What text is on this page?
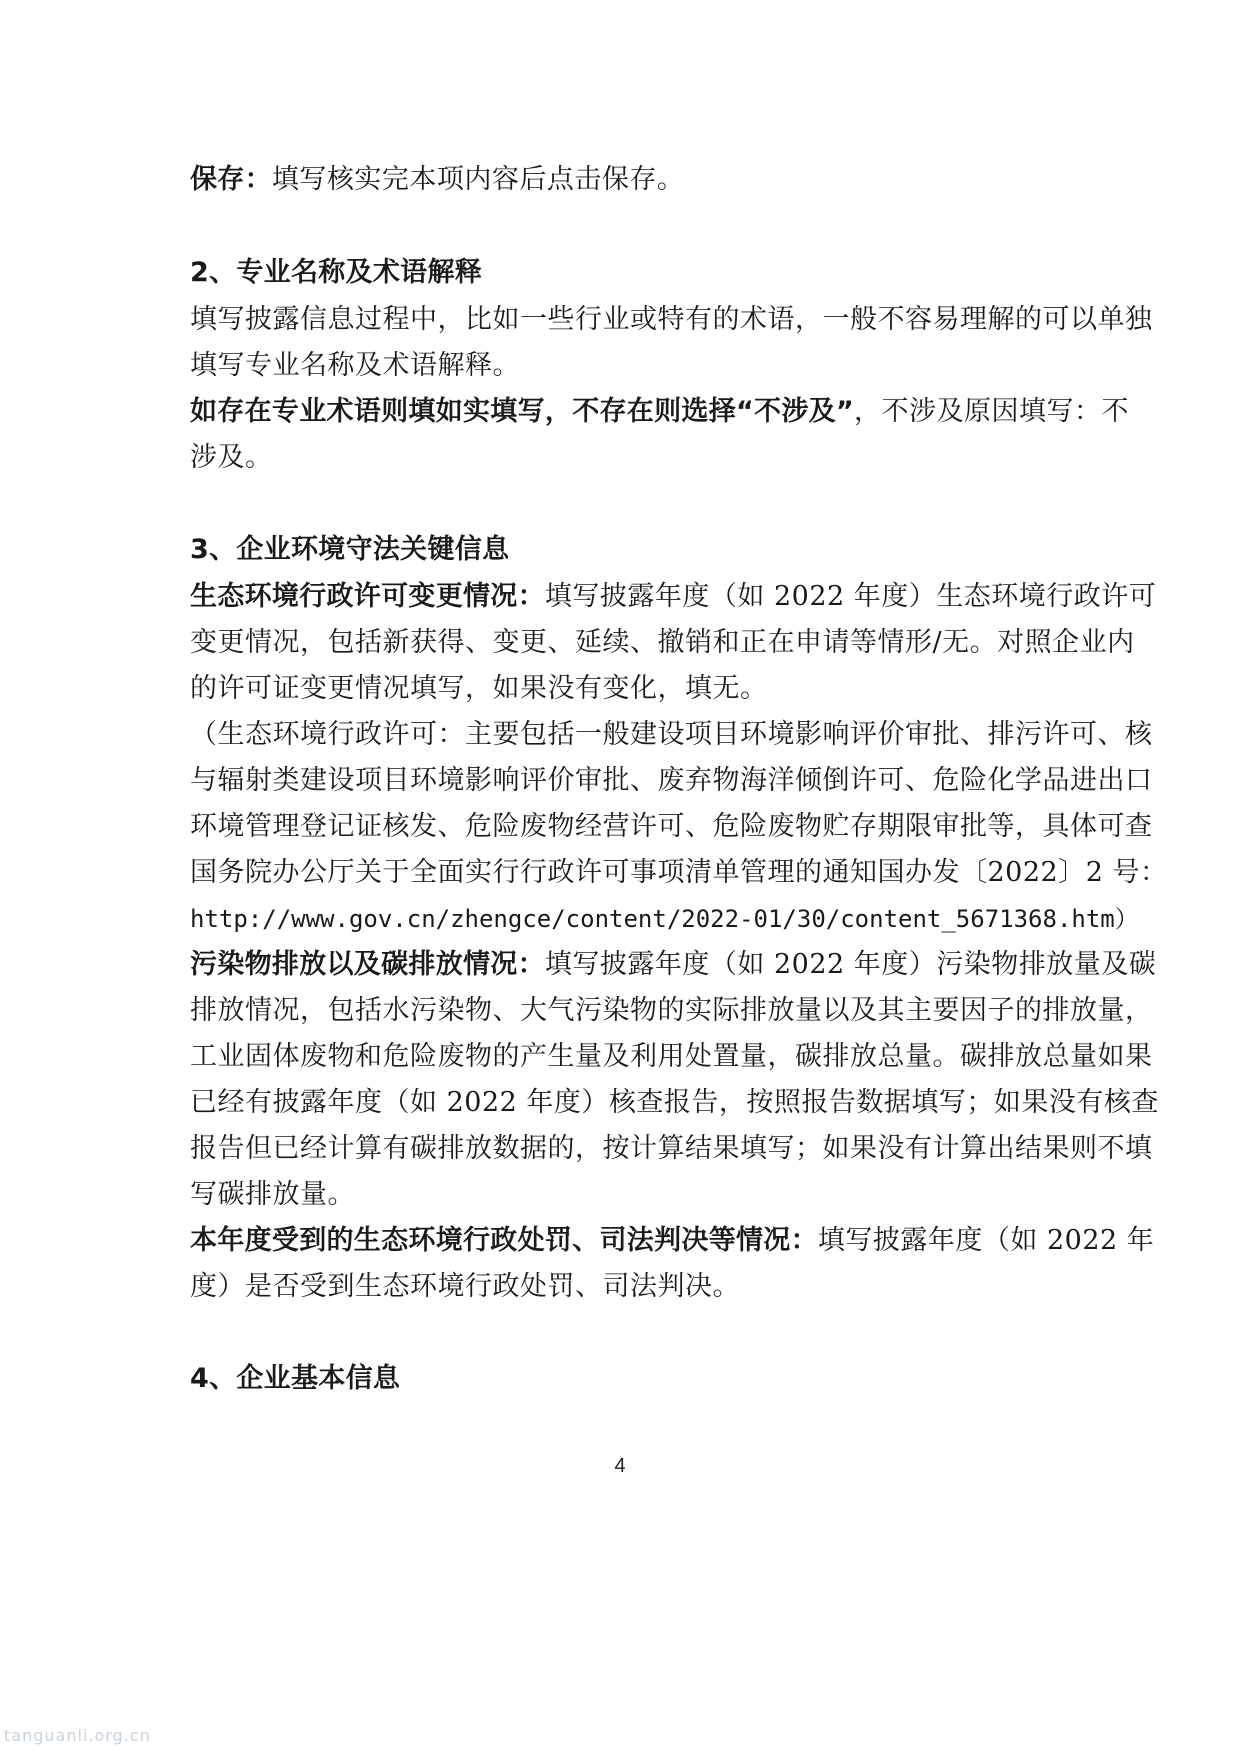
保存：填写核实完本项内容后点击保存。
2、专业名称及术语解释
填写披露信息过程中，比如一些行业或特有的术语，一般不容易理解的可以单独
填写专业名称及术语解释。
如存在专业术语则填如实填写，不存在则选择“不涉及”，不涉及原因填写：不
涉及。
3、企业环境守法关键信息
生态环境行政许可变更情况：填写披露年度（如 2022 年度）生态环境行政许可
变更情况，包括新获得、变更、延续、撤销和正在申请等情形/无。对照企业内
的许可证变更情况填写，如果没有变化，填无。
（生态环境行政许可：主要包括一般建设项目环境影响评价审批、排污许可、核
与辐射类建设项目环境影响评价审批、废弃物海洋倾倒许可、危险化学品进出口
环境管理登记证核发、危险废物经营许可、危险废物贮存期限审批等，具体可查
国务院办公厅关于全面实行行政许可事项清单管理的通知国办发〔2022〕2 号：
http://www.gov.cn/zhengce/content/2022-01/30/content_5671368.htm）
污染物排放以及碳排放情况：填写披露年度（如 2022 年度）污染物排放量及碳
排放情况，包括水污染物、大气污染物的实际排放量以及其主要因子的排放量，
工业固体废物和危险废物的产生量及利用处置量，碳排放总量。碳排放总量如果
已经有披露年度（如 2022 年度）核查报告，按照报告数据填写；如果没有核查
报告但已经计算有碳排放数据的，按计算结果填写；如果没有计算出结果则不填
写碳排放量。
本年度受到的生态环境行政处罚、司法判决等情况：填写披露年度（如 2022 年
度）是否受到生态环境行政处罚、司法判决。
4、企业基本信息
4
tanguanli.org.cn
